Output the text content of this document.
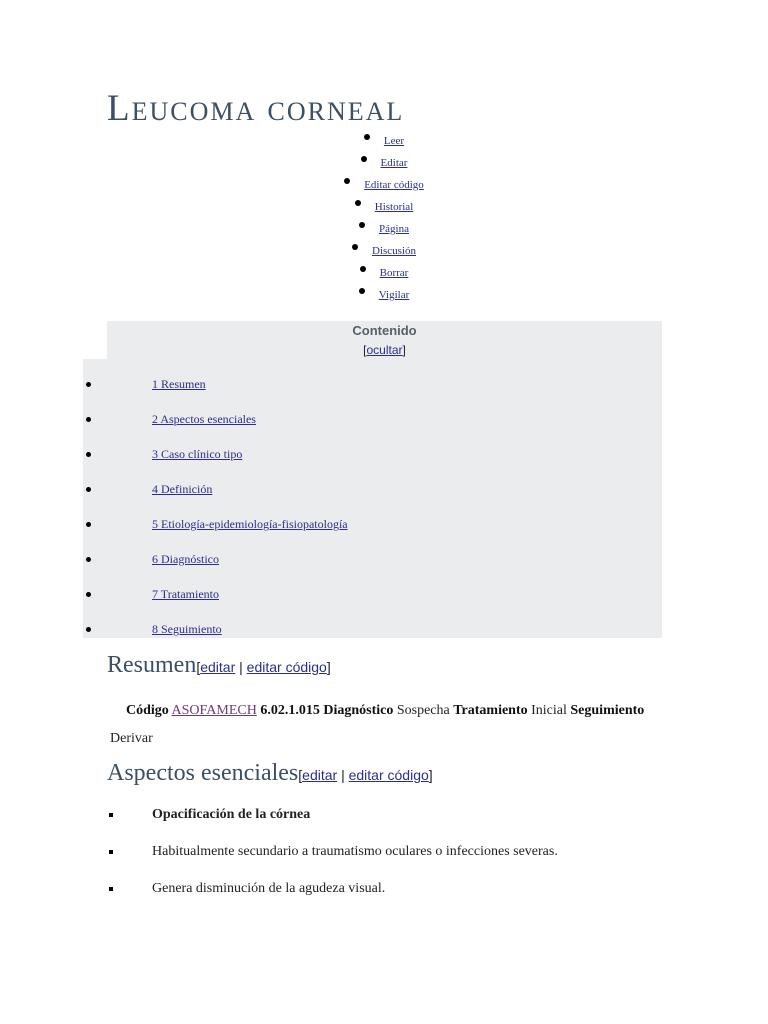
Leucoma corneal
Leer
Editar
Editar código
Historial
Página
Discusión
Borrar
Vigilar
Contenido
[ocultar]
1 Resumen
2 Aspectos esenciales
3 Caso clínico tipo
4 Definición
5 Etiología-epidemiología-fisiopatología
6 Diagnóstico
7 Tratamiento
8 Seguimiento
Resumen[editar | editar código]
Código ASOFAMECH 6.02.1.015 Diagnóstico Sospecha Tratamiento Inicial Seguimiento Derivar
Aspectos esenciales[editar | editar código]
Opacificación de la córnea
Habitualmente secundario a traumatismo oculares o infecciones severas.
Genera disminución de la agudeza visual.
